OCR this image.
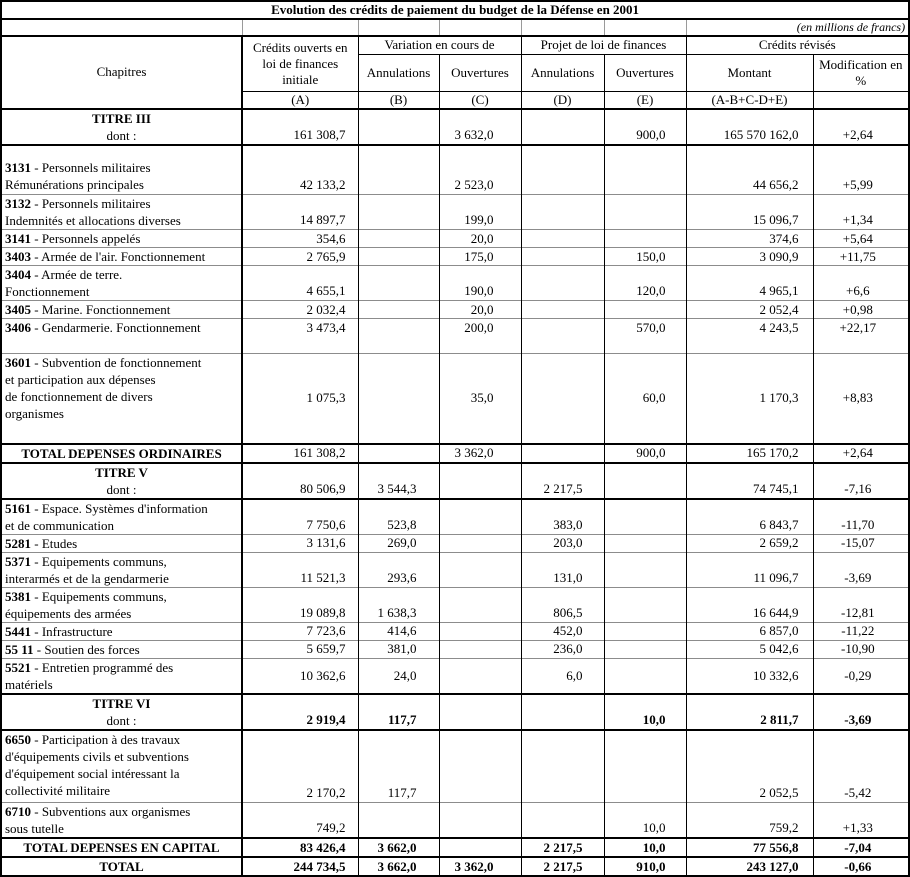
Evolution des crédits de paiement du budget de la Défense en 2001							
						(en millions de francs)	
Chapitres	Crédits ouverts en loi de finances initiale	Variation en cours de		Projet de loi de finances		Crédits révisés	
		Annulations	Ouvertures	Annulations	Ouvertures	Montant	Modification en %
	(A)	(B)	(C)	(D)	(E)	(A-B+C-D+E)	
TITRE III
dont :	161 308,7		3 632,0		900,0	165 570 162,0	+2,64
3131 - Personnels militaires
Rémunérations principales	42 133,2		2 523,0			44 656,2	+5,99
3132 - Personnels militaires
Indemnités et allocations diverses	14 897,7		199,0			15 096,7	+1,34
3141 - Personnels appelés	354,6		20,0			374,6	+5,64
3403 - Armée de l'air. Fonctionnement	2 765,9		175,0		150,0	3 090,9	+11,75
3404 - Armée de terre.
Fonctionnement	4 655,1		190,0		120,0	4 965,1	+6,6
3405 - Marine. Fonctionnement	2 032,4		20,0			2 052,4	+0,98
3406 - Gendarmerie. Fonctionnement	3 473,4		200,0		570,0	4 243,5	+22,17
3601 - Subvention de fonctionnement
et participation aux dépenses
de fonctionnement de divers
organismes	1 075,3		35,0		60,0	1 170,3	+8,83
TOTAL DEPENSES ORDINAIRES	161 308,2		3 362,0		900,0	165 170,2	+2,64
TITRE V
dont :	80 506,9	3 544,3		2 217,5		74 745,1	-7,16
5161 - Espace. Systèmes d'information
et de communication	7 750,6	523,8		383,0		6 843,7	-11,70
5281 - Etudes	3 131,6	269,0		203,0		2 659,2	-15,07
5371 - Equipements communs,
interarmés et de la gendarmerie	11 521,3	293,6		131,0		11 096,7	-3,69
5381 - Equipements communs,
équipements des armées	19 089,8	1 638,3		806,5		16 644,9	-12,81
5441 - Infrastructure	7 723,6	414,6		452,0		6 857,0	-11,22
55 11 - Soutien des forces	5 659,7	381,0		236,0		5 042,6	-10,90
5521 - Entretien programmé des
matériels	10 362,6	24,0		6,0		10 332,6	-0,29
TITRE VI
dont :	2 919,4	117,7			10,0	2 811,7	-3,69
6650 - Participation à des travaux
d'équipements civils et subventions
d'équipement social intéressant la
collectivité militaire	2 170,2	117,7				2 052,5	-5,42
6710 - Subventions aux organismes
sous tutelle	749,2				10,0	759,2	+1,33
TOTAL DEPENSES EN CAPITAL	83 426,4	3 662,0		2 217,5	10,0	77 556,8	-7,04
TOTAL	244 734,5	3 662,0	3 362,0	2 217,5	910,0	243 127,0	-0,66
